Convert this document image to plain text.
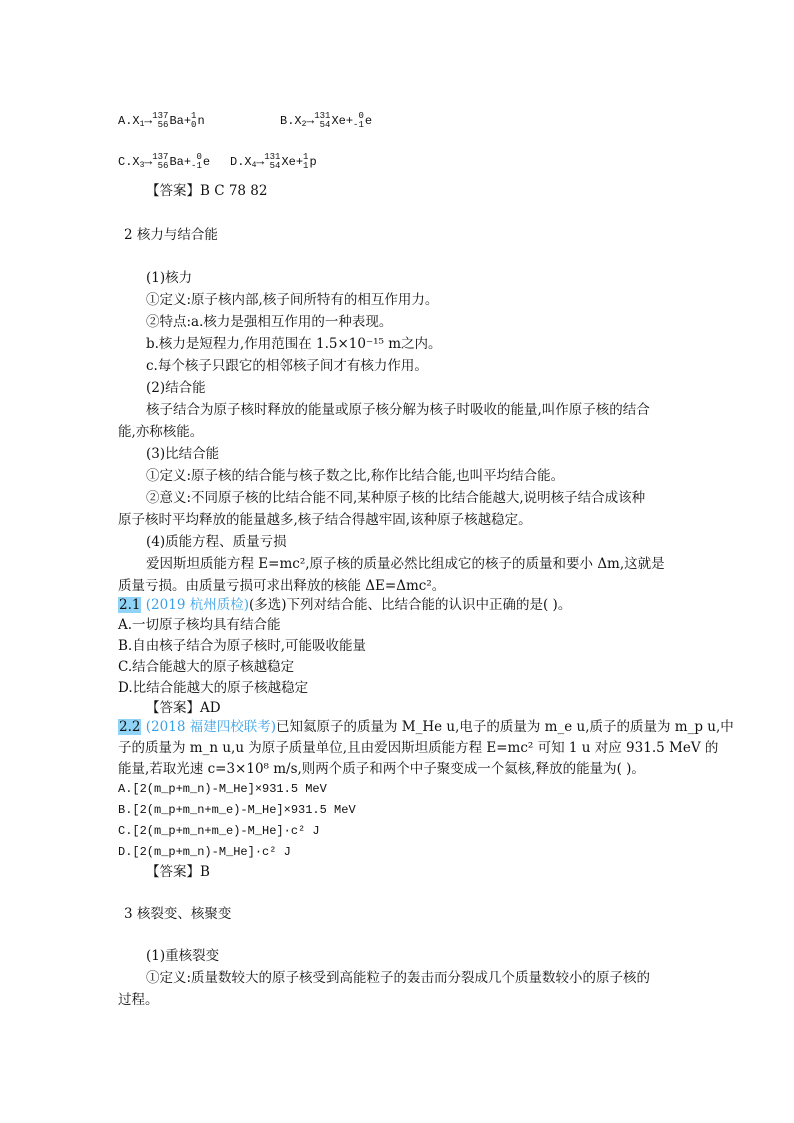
$A.X_1\to 137$
56 Ba+ 1
0 n	$B.X_2\to 131$
54 Xe+ 0
-1 e
$C.X_3\to 137$
56 Ba+ 0
-1 e $D.X_4\to 131$
54 Xe+ 1
1 p
【答案】B C 78 82
2 核力与结合能
(1)核力
①定义:原子核内部,核子间所特有的相互作用力。
②特点:a.核力是强相互作用的一种表现。
b.核力是短程力,作用范围在 1.5×10⁻¹⁵ m之内。
c.每个核子只跟它的相邻核子间才有核力作用。
(2)结合能
核子结合为原子核时释放的能量或原子核分解为核子时吸收的能量,叫作原子核的结合
能,亦称核能。
(3)比结合能
①定义:原子核的结合能与核子数之比,称作比结合能,也叫平均结合能。
②意义:不同原子核的比结合能不同,某种原子核的比结合能越大,说明核子结合成该种
原子核时平均释放的能量越多,核子结合得越牢固,该种原子核越稳定。
(4)质能方程、质量亏损
爱因斯坦质能方程 E=mc²,原子核的质量必然比组成它的核子的质量和要小 Δm,这就是
质量亏损。由质量亏损可求出释放的核能 ΔE=Δmc²。
2.1 (2019 杭州质检)(多选)下列对结合能、比结合能的认识中正确的是( )。
A.一切原子核均具有结合能
B.自由核子结合为原子核时,可能吸收能量
C.结合能越大的原子核越稳定
D.比结合能越大的原子核越稳定
【答案】AD
2.2 (2018 福建四校联考)已知氦原子的质量为 M_He u,电子的质量为 m_e u,质子的质量为 m_p u,中
子的质量为 m_n u,u 为原子质量单位,且由爱因斯坦质能方程 E=mc² 可知 1 u 对应 931.5 MeV 的
能量,若取光速 c=3×10⁸ m/s,则两个质子和两个中子聚变成一个氦核,释放的能量为( )。
A.[2(m_p+m_n)-M_He]×931.5 MeV
B.[2(m_p+m_n+m_e)-M_He]×931.5 MeV
C.[2(m_p+m_n+m_e)-M_He]·c² J
D.[2(m_p+m_n)-M_He]·c² J
【答案】B
3 核裂变、核聚变
(1)重核裂变
①定义:质量数较大的原子核受到高能粒子的轰击而分裂成几个质量数较小的原子核的
过程。
